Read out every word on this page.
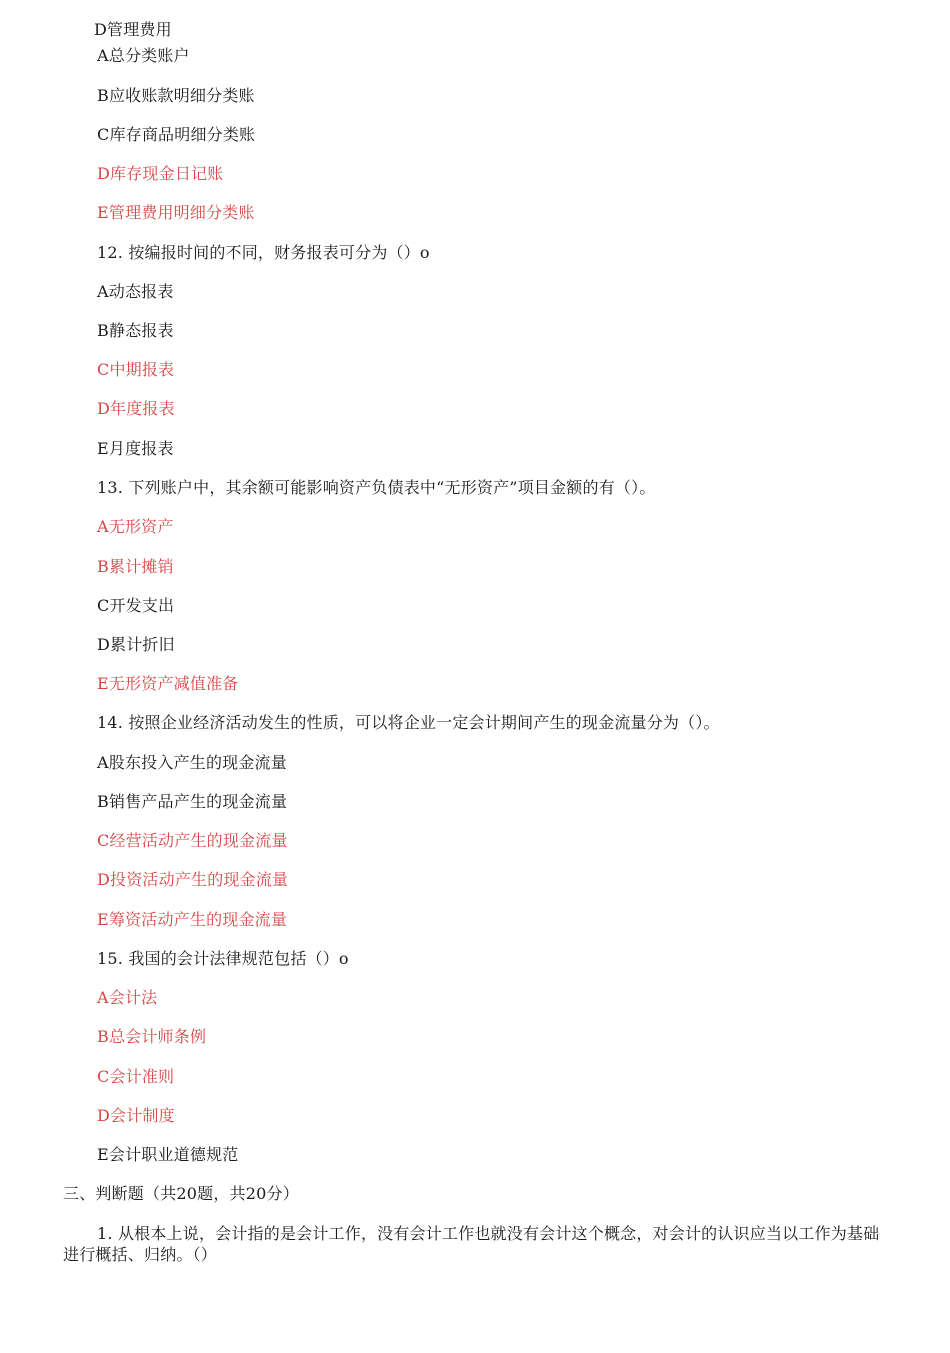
D管理费用
A总分类账户
B应收账款明细分类账
C库存商品明细分类账
D库存现金日记账
E管理费用明细分类账
12. 按编报时间的不同，财务报表可分为（）o
A动态报表
B静态报表
C中期报表
D年度报表
E月度报表
13. 下列账户中，其余额可能影响资产负债表中“无形资产”项目金额的有（）。
A无形资产
B累计摊销
C开发支出
D累计折旧
E无形资产减值准备
14. 按照企业经济活动发生的性质，可以将企业一定会计期间产生的现金流量分为（）。
A股东投入产生的现金流量
B销售产品产生的现金流量
C经营活动产生的现金流量
D投资活动产生的现金流量
E筹资活动产生的现金流量
15. 我国的会计法律规范包括（）o
A会计法
B总会计师条例
C会计准则
D会计制度
E会计职业道德规范
三、判断题（共20题，共20分）
1. 从根本上说，会计指的是会计工作，没有会计工作也就没有会计这个概念，对会计的认识应当以工作为基础进行概括、归纳。（）
